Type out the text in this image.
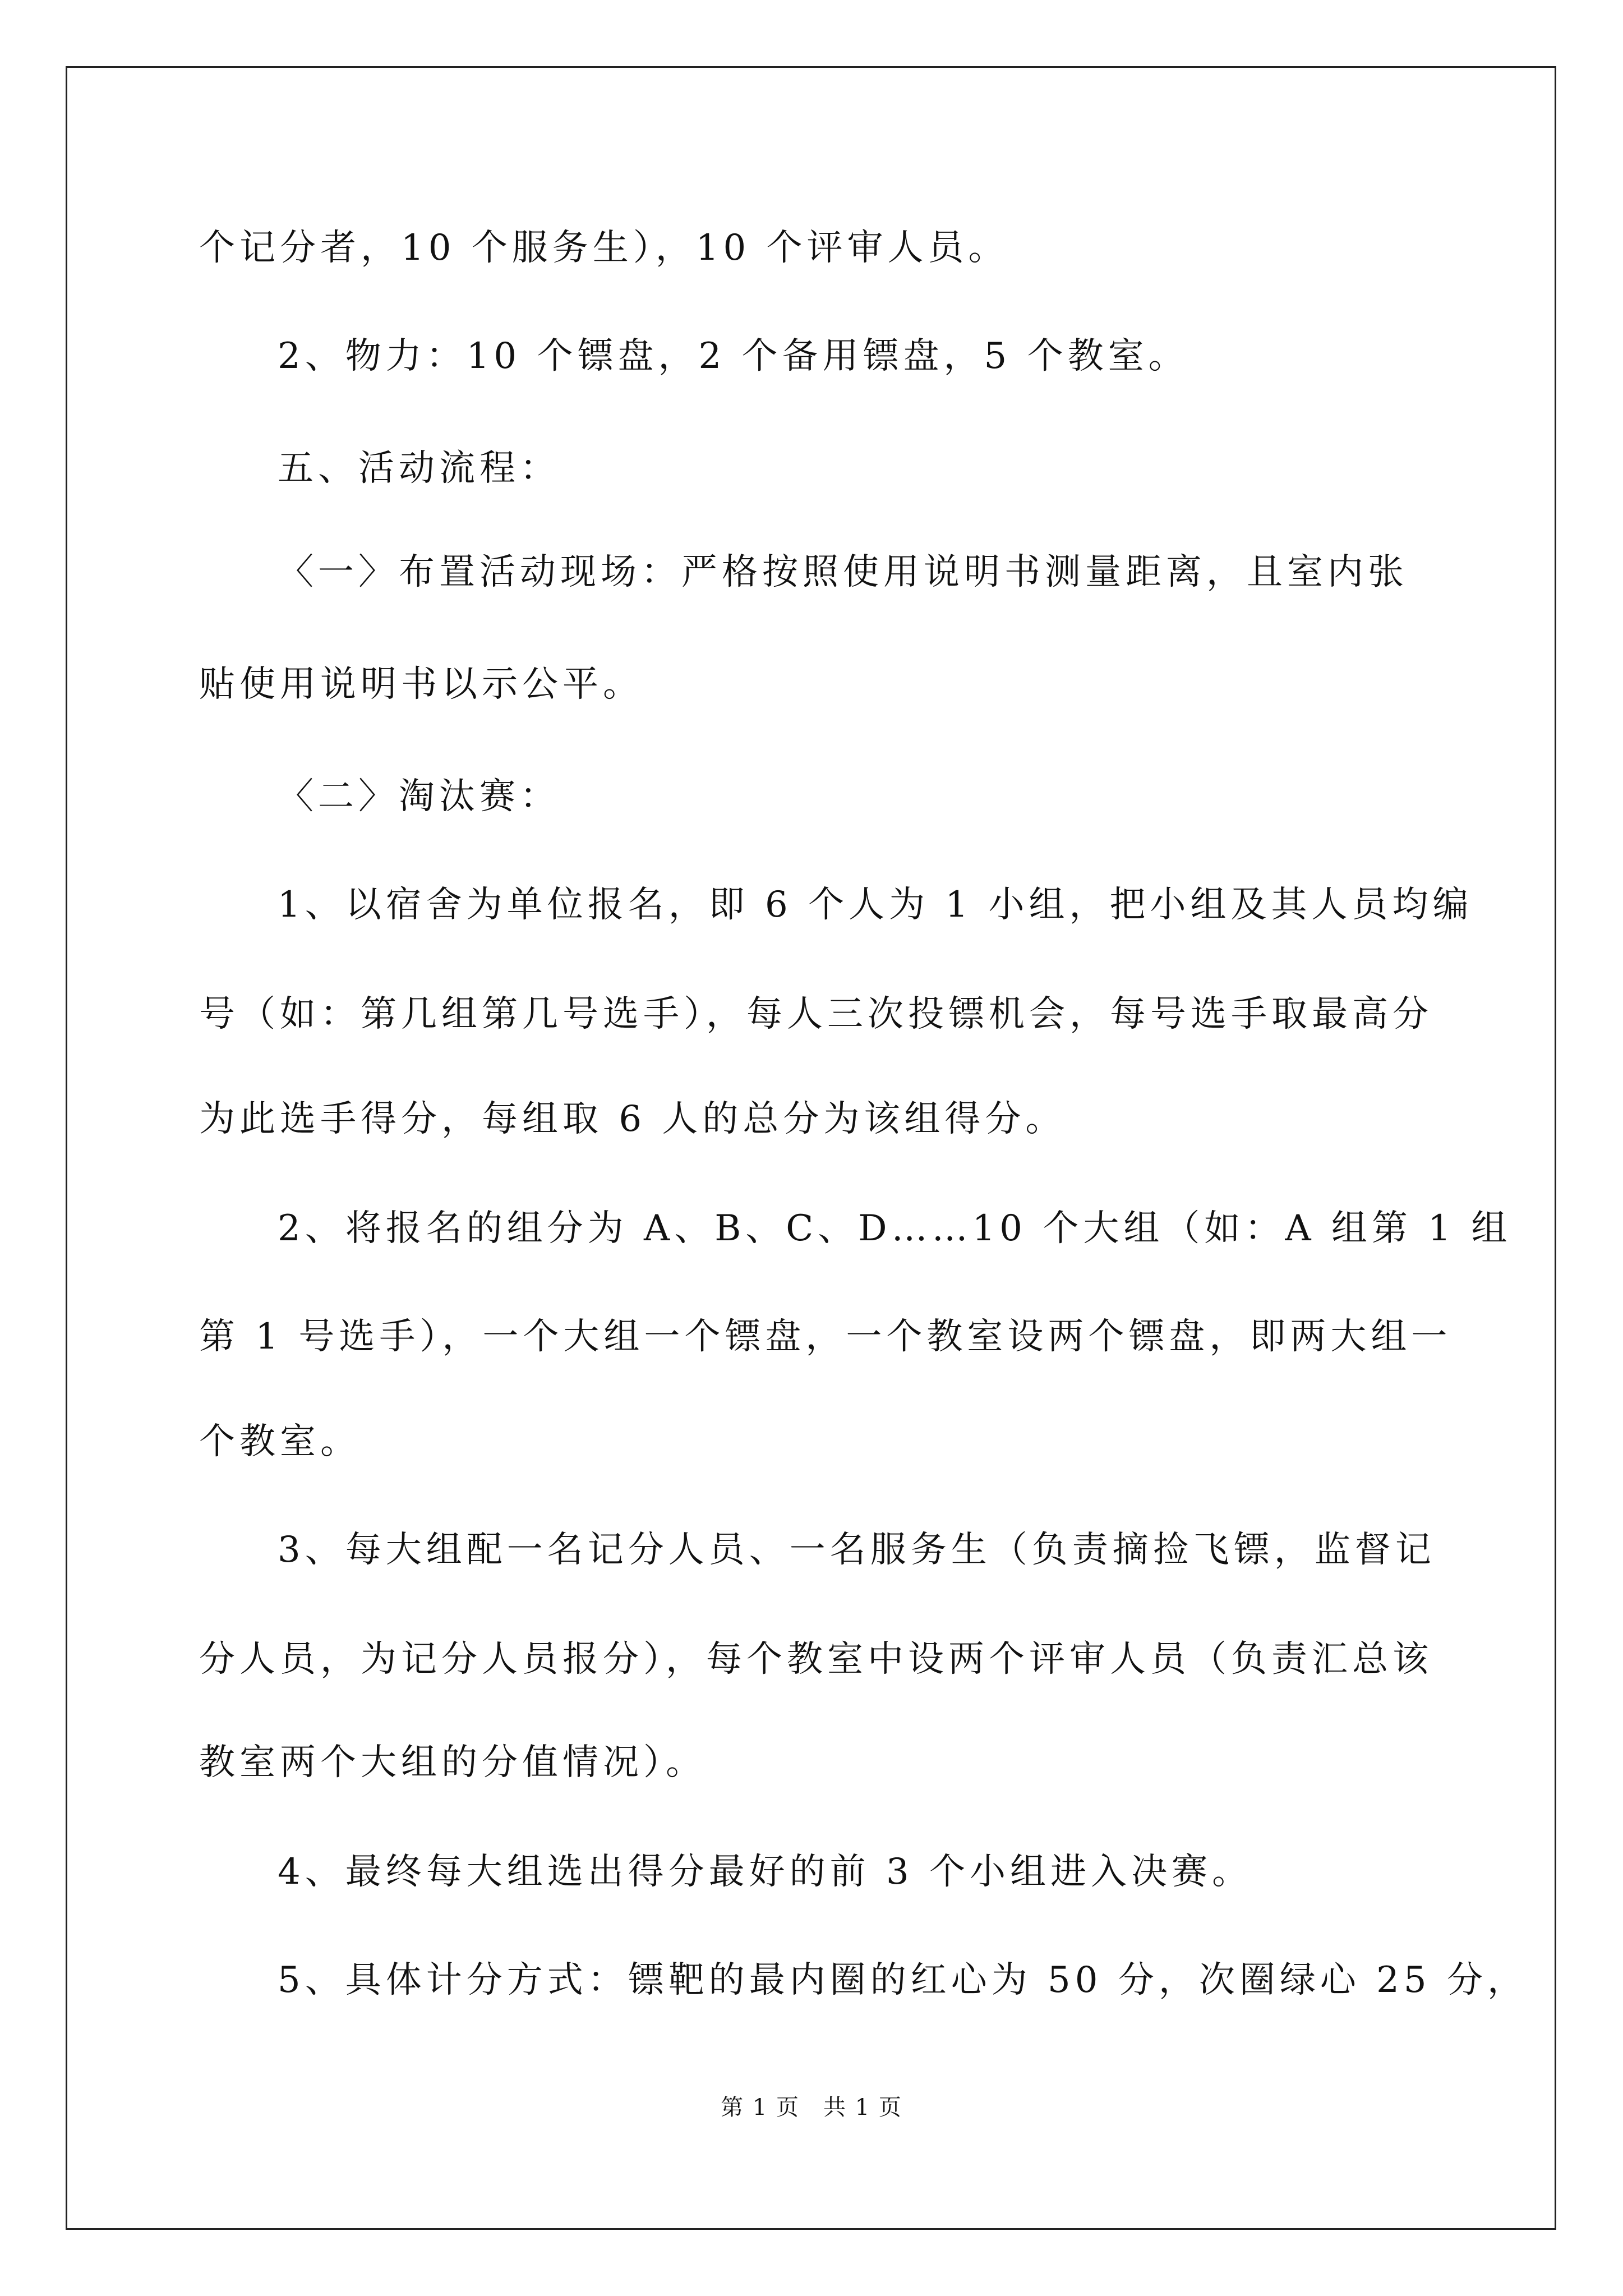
个记分者，10 个服务生），10 个评审人员。
2、物力：10 个镖盘，2 个备用镖盘，5 个教室。
五、活动流程：
〈一〉布置活动现场：严格按照使用说明书测量距离，且室内张
贴使用说明书以示公平。
〈二〉淘汰赛：
1、以宿舍为单位报名，即 6 个人为 1 小组，把小组及其人员均编
号（如：第几组第几号选手），每人三次投镖机会，每号选手取最高分
为此选手得分，每组取 6 人的总分为该组得分。
2、将报名的组分为 A、B、C、D……10 个大组（如：A 组第 1 组
第 1 号选手），一个大组一个镖盘，一个教室设两个镖盘，即两大组一
个教室。
3、每大组配一名记分人员、一名服务生（负责摘捡飞镖，监督记
分人员，为记分人员报分），每个教室中设两个评审人员（负责汇总该
教室两个大组的分值情况）。
4、最终每大组选出得分最好的前 3 个小组进入决赛。
5、具体计分方式：镖靶的最内圈的红心为 50 分，次圈绿心 25 分，
第 1 页　共 1 页
